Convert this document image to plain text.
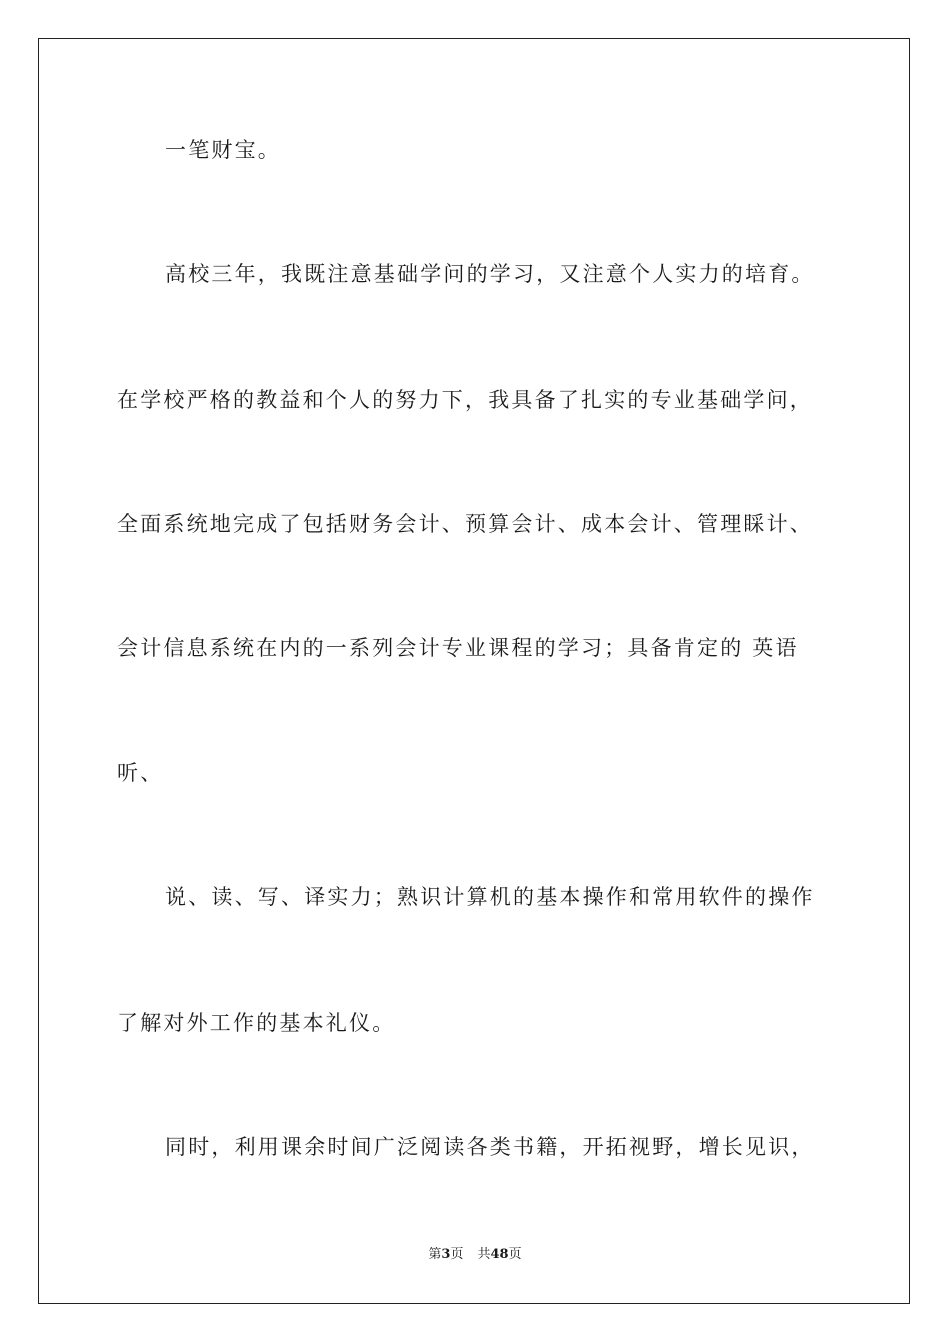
一笔财宝。
高校三年，我既注意基础学问的学习，又注意个人实力的培育。
在学校严格的教益和个人的努力下，我具备了扎实的专业基础学问，
全面系统地完成了包括财务会计、预算会计、成本会计、管理睬计、
会计信息系统在内的一系列会计专业课程的学习；具备肯定的 英语
听、
说、读、写、译实力；熟识计算机的基本操作和常用软件的操作
了解对外工作的基本礼仪。
同时，利用课余时间广泛阅读各类书籍，开拓视野，增长见识，
第3页 共48页
